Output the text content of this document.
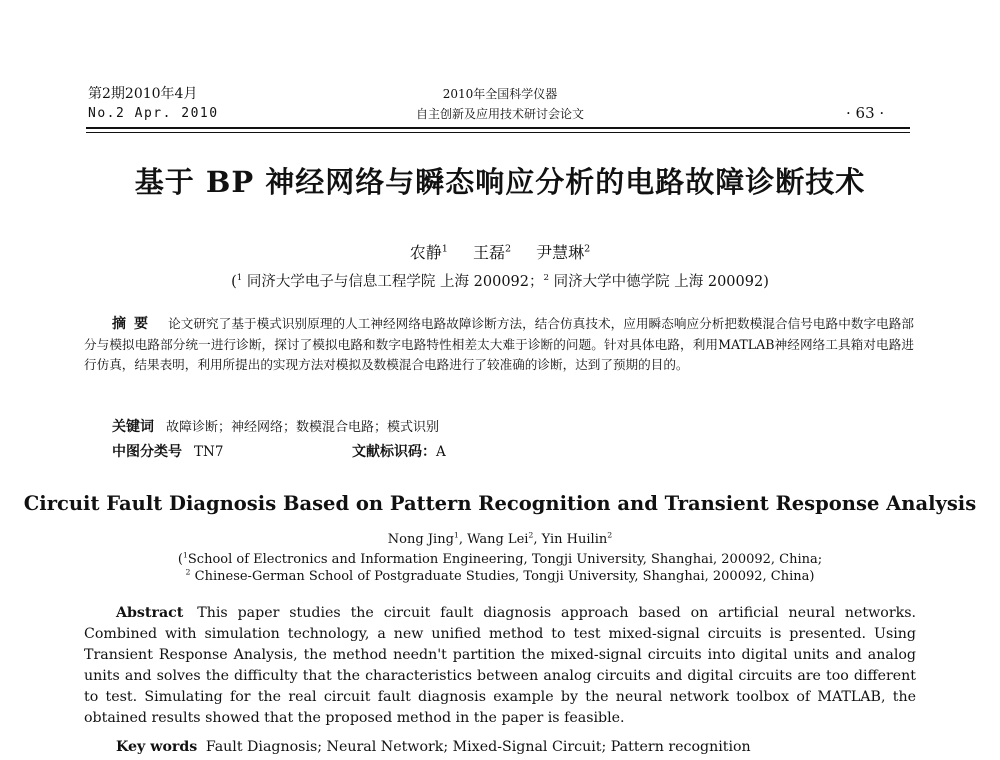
第2期2010年4月
No.2 Apr. 2010
2010年全国科学仪器
自主创新及应用技术研讨会论文	· 63 ·
基于 BP 神经网络与瞬态响应分析的电路故障诊断技术
农静$^1$ 王磊$^2$ 尹慧琳$^2$
($^1$ 同济大学电子与信息工程学院 上海 200092；$^2$ 同济大学中德学院 上海 200092)
摘要 论文研究了基于模式识别原理的人工神经网络电路故障诊断方法，结合仿真技术，应用瞬态响应分析把数模混合信号电路中数字电路部分与模拟电路部分统一进行诊断，探讨了模拟电路和数字电路特性相差太大难于诊断的问题。针对具体电路，利用MATLAB神经网络工具箱对电路进行仿真，结果表明，利用所提出的实现方法对模拟及数模混合电路进行了较准确的诊断，达到了预期的目的。
关键词 故障诊断；神经网络；数模混合电路；模式识别
中图分类号 TN7	文献标识码：A
Circuit Fault Diagnosis Based on Pattern Recognition and Transient Response Analysis
Nong Jing$^1$, Wang Lei$^2$, Yin Huilin$^2$
($^1$School of Electronics and Information Engineering, Tongji University, Shanghai, 200092, China;
$^2$ Chinese-German School of Postgraduate Studies, Tongji University, Shanghai, 200092, China)
Abstract This paper studies the circuit fault diagnosis approach based on artificial neural networks. Combined with simulation technology, a new unified method to test mixed-signal circuits is presented. Using Transient Response Analysis, the method needn't partition the mixed-signal circuits into digital units and analog units and solves the difficulty that the characteristics between analog circuits and digital circuits are too different to test. Simulating for the real circuit fault diagnosis example by the neural network toolbox of MATLAB, the obtained results showed that the proposed method in the paper is feasible.
Key words Fault Diagnosis; Neural Network; Mixed-Signal Circuit; Pattern recognition
